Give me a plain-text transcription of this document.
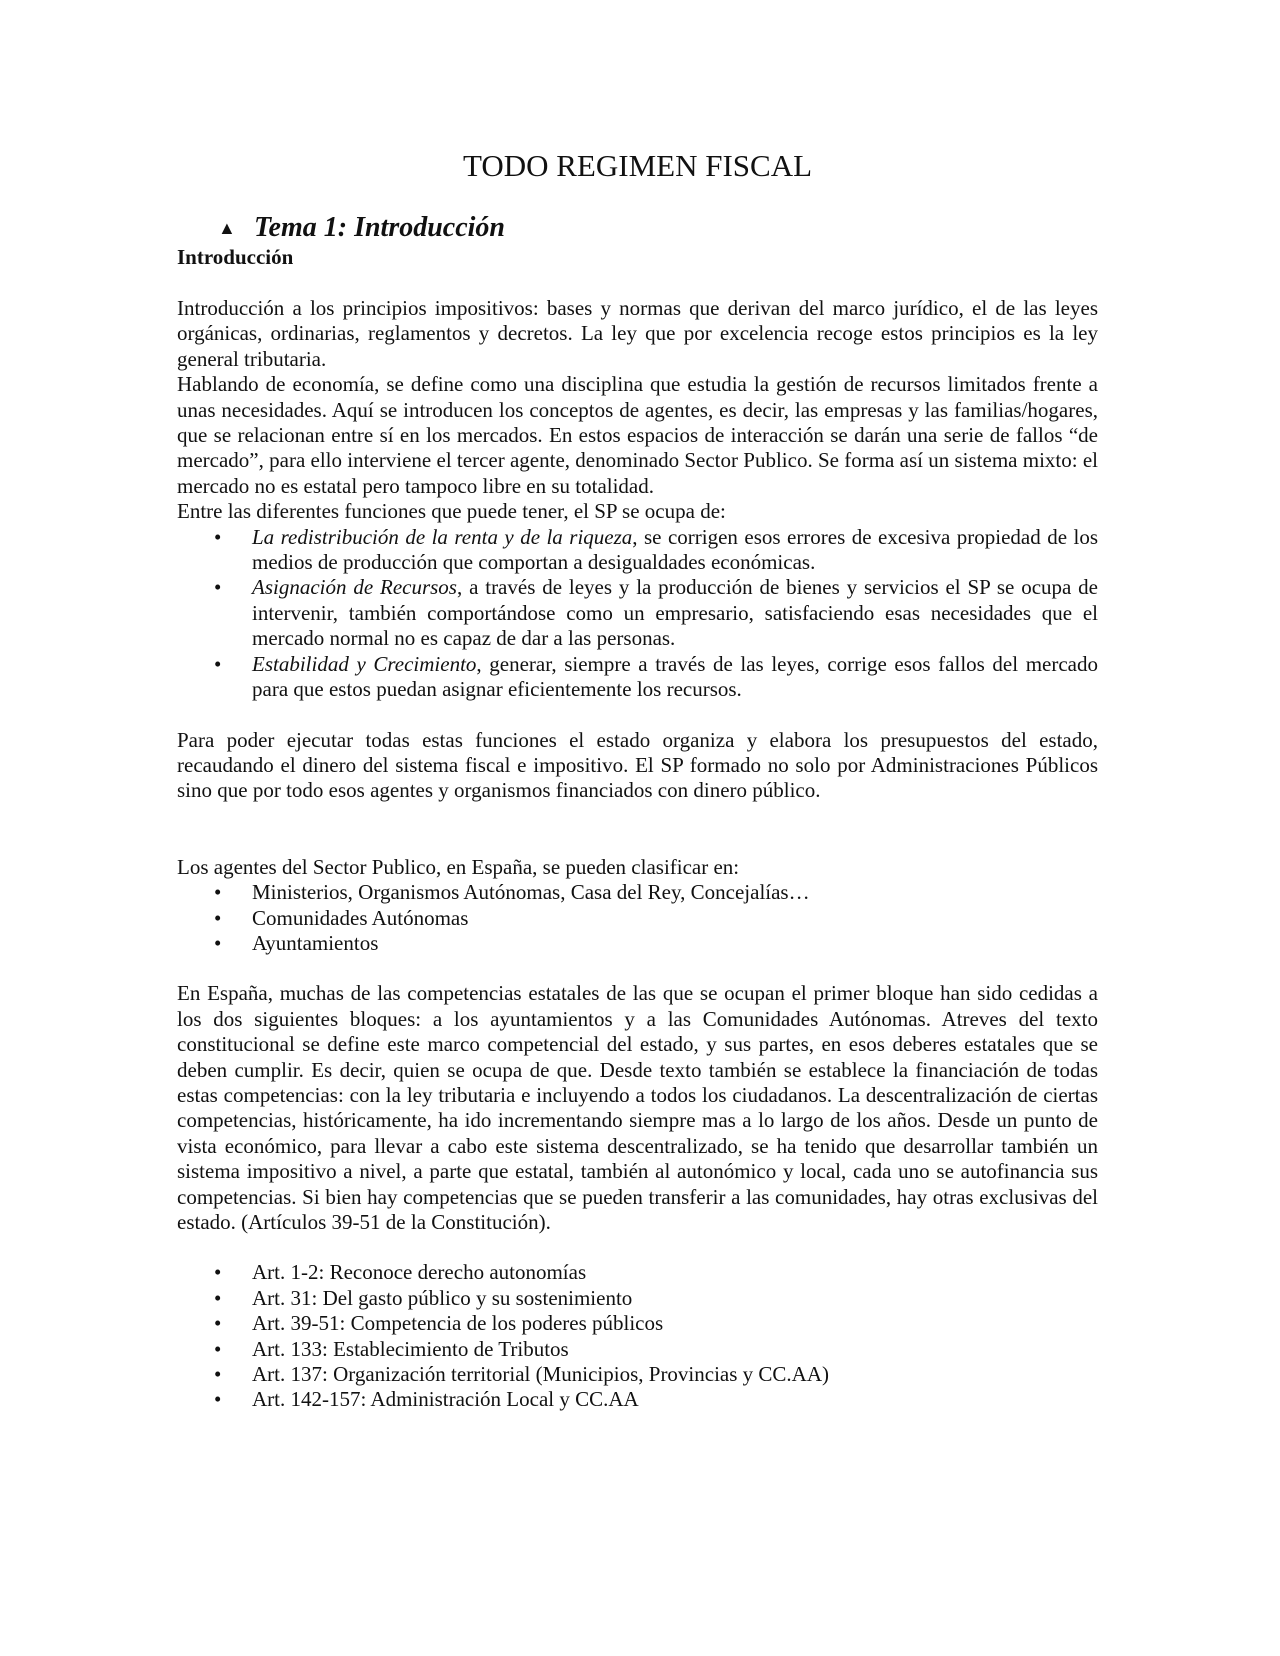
TODO REGIMEN FISCAL
▲ Tema 1: Introducción
Introducción

Introducción a los principios impositivos: bases y normas que derivan del marco jurídico, el de las leyes orgánicas, ordinarias, reglamentos y decretos. La ley que por excelencia recoge estos principios es la ley general tributaria.

Hablando de economía, se define como una disciplina que estudia la gestión de recursos limitados frente a unas necesidades. Aquí se introducen los conceptos de agentes, es decir, las empresas y las familias/hogares, que se relacionan entre sí en los mercados. En estos espacios de interacción se darán una serie de fallos “de mercado”, para ello interviene el tercer agente, denominado Sector Publico. Se forma así un sistema mixto: el mercado no es estatal pero tampoco libre en su totalidad.

Entre las diferentes funciones que puede tener, el SP se ocupa de:

• La redistribución de la renta y de la riqueza, se corrigen esos errores de excesiva propiedad de los medios de producción que comportan a desigualdades económicas.
• Asignación de Recursos, a través de leyes y la producción de bienes y servicios el SP se ocupa de intervenir, también comportándose como un empresario, satisfaciendo esas necesidades que el mercado normal no es capaz de dar a las personas.
• Estabilidad y Crecimiento, generar, siempre a través de las leyes, corrige esos fallos del mercado para que estos puedan asignar eficientemente los recursos.

Para poder ejecutar todas estas funciones el estado organiza y elabora los presupuestos del estado, recaudando el dinero del sistema fiscal e impositivo. El SP formado no solo por Administraciones Públicos sino que por todo esos agentes y organismos financiados con dinero público.

Los agentes del Sector Publico, en España, se pueden clasificar en:

• Ministerios, Organismos Autónomas, Casa del Rey, Concejalías…
• Comunidades Autónomas
• Ayuntamientos

En España, muchas de las competencias estatales de las que se ocupan el primer bloque han sido cedidas a los dos siguientes bloques: a los ayuntamientos y a las Comunidades Autónomas. Atreves del texto constitucional se define este marco competencial del estado, y sus partes, en esos deberes estatales que se deben cumplir. Es decir, quien se ocupa de que. Desde texto también se establece la financiación de todas estas competencias: con la ley tributaria e incluyendo a todos los ciudadanos. La descentralización de ciertas competencias, históricamente, ha ido incrementando siempre mas a lo largo de los años. Desde un punto de vista económico, para llevar a cabo este sistema descentralizado, se ha tenido que desarrollar también un sistema impositivo a nivel, a parte que estatal, también al autonómico y local, cada uno se autofinancia sus competencias. Si bien hay competencias que se pueden transferir a las comunidades, hay otras exclusivas del estado. (Artículos 39-51 de la Constitución).

• Art. 1-2: Reconoce derecho autonomías
• Art. 31: Del gasto público y su sostenimiento
• Art. 39-51: Competencia de los poderes públicos
• Art. 133: Establecimiento de Tributos
• Art. 137: Organización territorial (Municipios, Provincias y CC.AA)
• Art. 142-157: Administración Local y CC.AA
